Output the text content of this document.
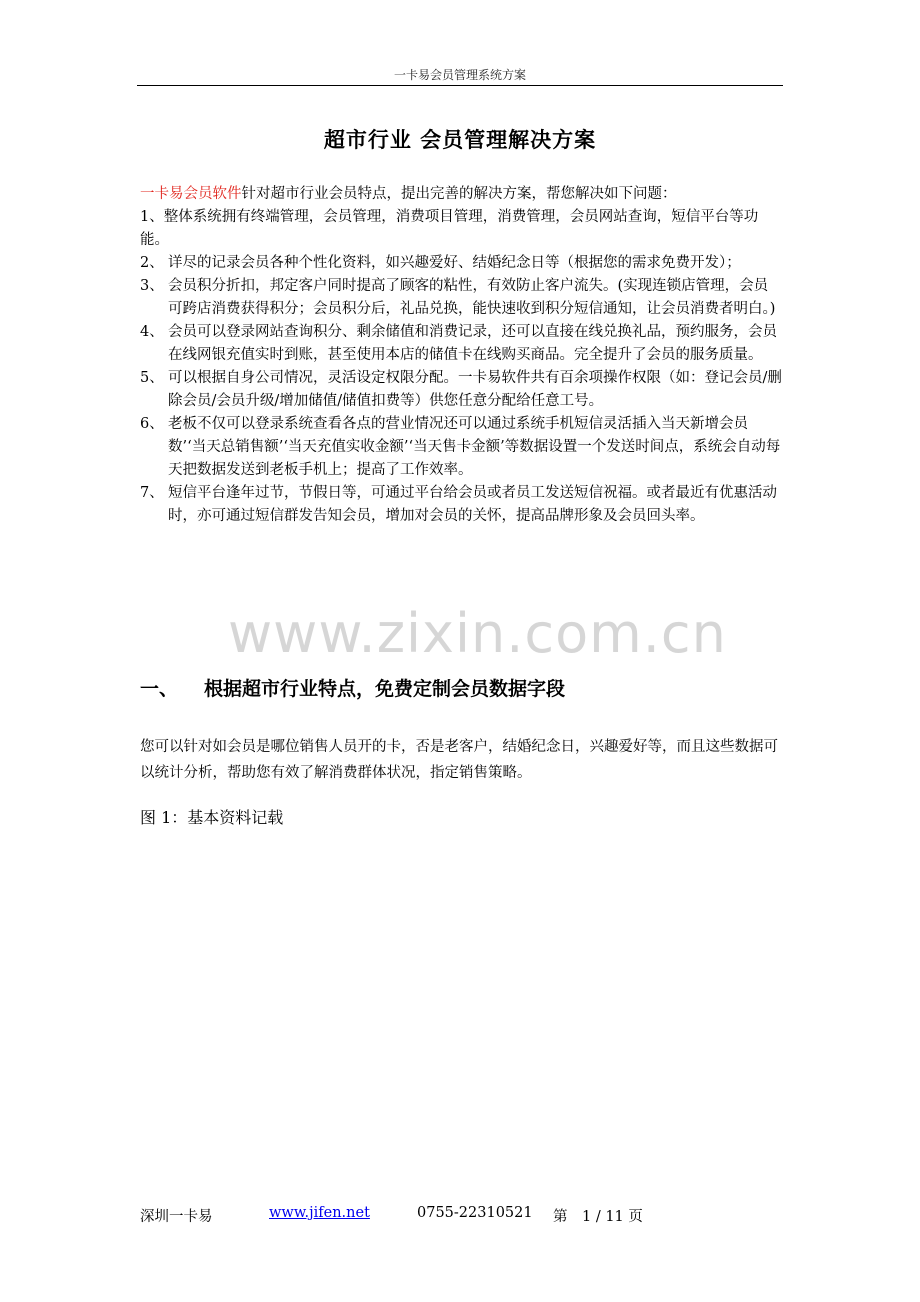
一卡易会员管理系统方案
超市行业 会员管理解决方案
一卡易会员软件针对超市行业会员特点，提出完善的解决方案，帮您解决如下问题：
1、整体系统拥有终端管理，会员管理，消费项目管理，消费管理，会员网站查询，短信平台等功能。
2、 详尽的记录会员各种个性化资料，如兴趣爱好、结婚纪念日等（根据您的需求免费开发）；
3、 会员积分折扣，邦定客户同时提高了顾客的粘性，有效防止客户流失。(实现连锁店管理，会员可跨店消费获得积分；会员积分后，礼品兑换，能快速收到积分短信通知，让会员消费者明白。)
4、 会员可以登录网站查询积分、剩余储值和消费记录，还可以直接在线兑换礼品，预约服务，会员在线网银充值实时到账，甚至使用本店的储值卡在线购买商品。完全提升了会员的服务质量。
5、 可以根据自身公司情况，灵活设定权限分配。一卡易软件共有百余项操作权限（如：登记会员/删除会员/会员升级/增加储值/储值扣费等）供您任意分配给任意工号。
6、 老板不仅可以登录系统查看各点的营业情况还可以通过系统手机短信灵活插入当天新增会员数’‘当天总销售额’‘当天充值实收金额’‘当天售卡金额’等数据设置一个发送时间点，系统会自动每天把数据发送到老板手机上；提高了工作效率。
7、 短信平台逢年过节，节假日等，可通过平台给会员或者员工发送短信祝福。或者最近有优惠活动时，亦可通过短信群发告知会员，增加对会员的关怀，提高品牌形象及会员回头率。
www.zixin.com.cn
一、 根据超市行业特点，免费定制会员数据字段
您可以针对如会员是哪位销售人员开的卡，否是老客户，结婚纪念日，兴趣爱好等，而且这些数据可以统计分析，帮助您有效了解消费群体状况，指定销售策略。
图 1：基本资料记载
深圳一卡易	www.jifen.net	0755-22310521 第　1 / 11 页
